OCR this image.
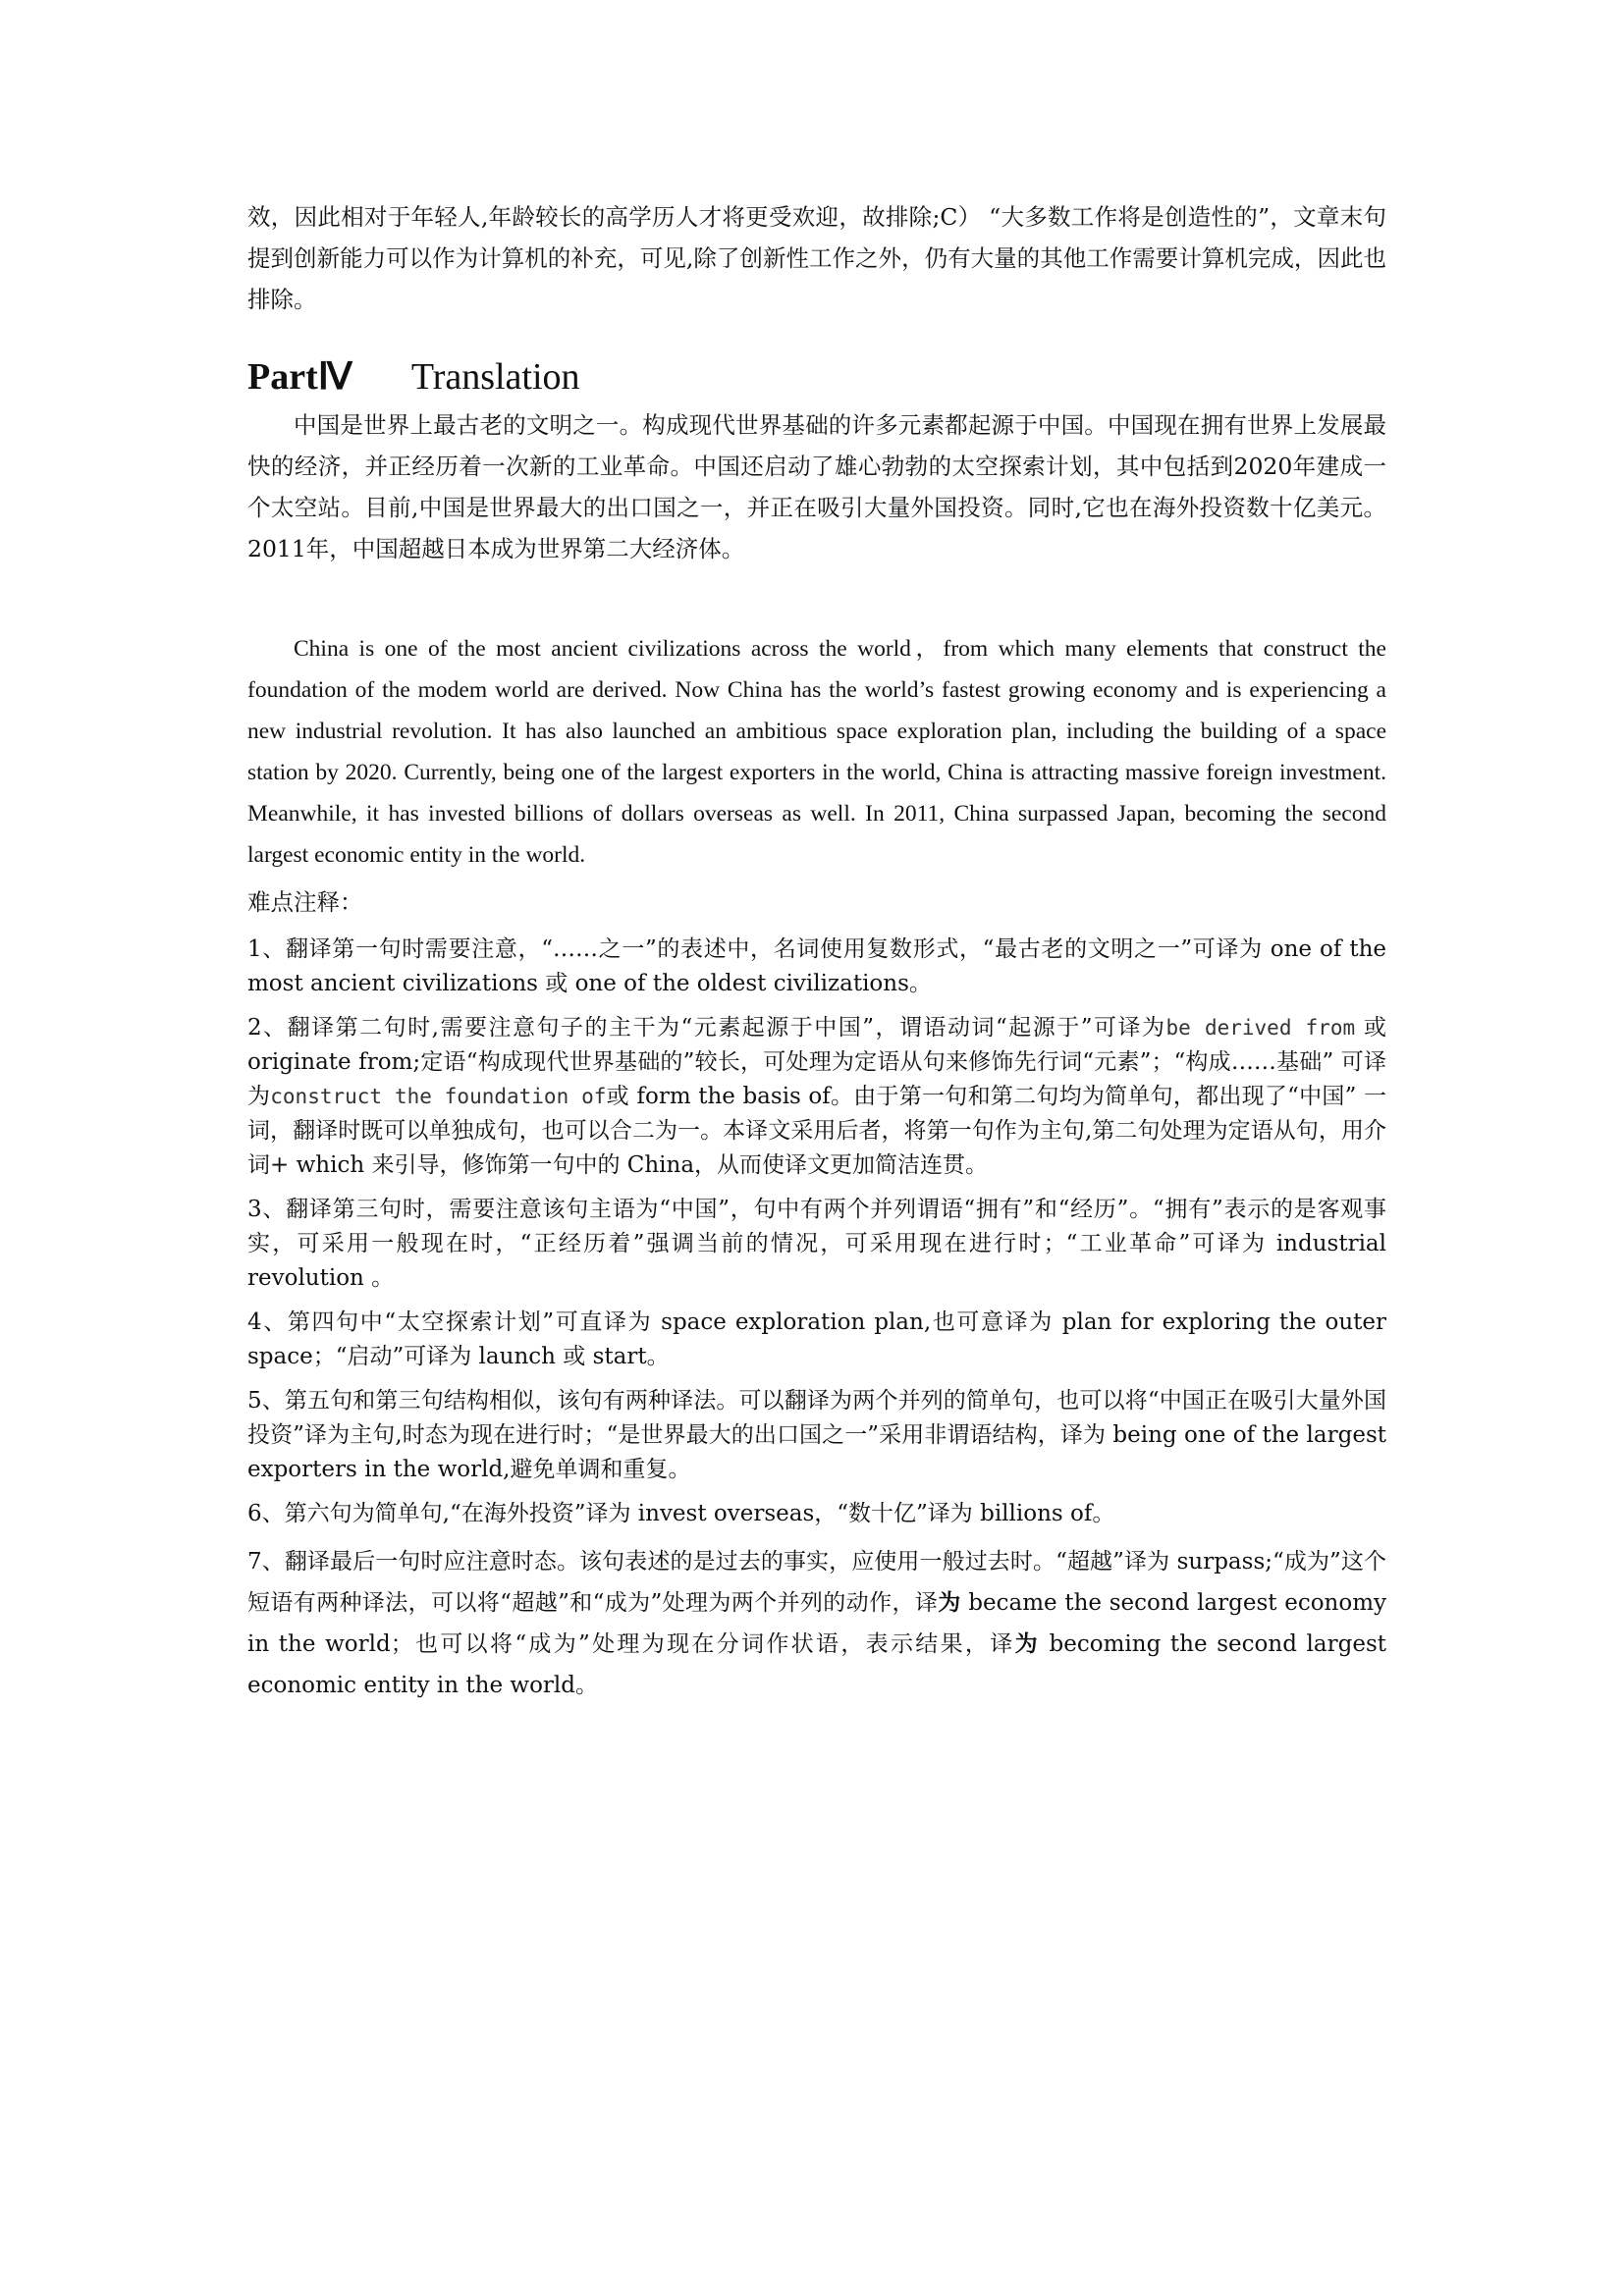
效，因此相对于年轻人,年龄较长的高学历人才将更受欢迎，故排除;C） “大多数工作将是创造性的”，文章末句提到创新能力可以作为计算机的补充，可见,除了创新性工作之外，仍有大量的其他工作需要计算机完成，因此也排除。

PartⅣ Translation

中国是世界上最古老的文明之一。构成现代世界基础的许多元素都起源于中国。中国现在拥有世界上发展最快的经济，并正经历着一次新的工业革命。中国还启动了雄心勃勃的太空探索计划，其中包括到2020年建成一个太空站。目前,中国是世界最大的出口国之一，并正在吸引大量外国投资。同时,它也在海外投资数十亿美元。2011年，中国超越日本成为世界第二大经济体。

China is one of the most ancient civilizations across the world，from which many elements that construct the foundation of the modem world are derived. Now China has the world’s fastest growing economy and is experiencing a new industrial revolution. It has also launched an ambitious space exploration plan, including the building of a space station by 2020. Currently, being one of the largest exporters in the world, China is attracting massive foreign investment. Meanwhile, it has invested billions of dollars overseas as well. In 2011, China surpassed Japan, becoming the second largest economic entity in the world.

难点注释：

1、翻译第一句时需要注意，“……之一”的表述中，名词使用复数形式，“最古老的文明之一”可译为 one of the most ancient civilizations 或 one of the oldest civilizations。

2、翻译第二句时,需要注意句子的主干为“元素起源于中国”，谓语动词“起源于”可译为be derived from 或 originate from;定语“构成现代世界基础的”较长，可处理为定语从句来修饰先行词“元素”；“构成……基础” 可译为construct the foundation of或 form the basis of。由于第一句和第二句均为简单句，都出现了“中国” 一词，翻译时既可以单独成句，也可以合二为一。本译文采用后者，将第一句作为主句,第二句处理为定语从句，用介词+ which 来引导，修饰第一句中的 China，从而使译文更加简洁连贯。

3、翻译第三句时，需要注意该句主语为“中国”，句中有两个并列谓语“拥有”和“经历”。“拥有”表示的是客观事实，可采用一般现在时，“正经历着”强调当前的情况，可采用现在进行时；“工业革命”可译为 industrial revolution 。

4、第四句中“太空探索计划”可直译为 space exploration plan,也可意译为 plan for exploring the outer space；“启动”可译为 launch 或 start。

5、第五句和第三句结构相似，该句有两种译法。可以翻译为两个并列的简单句，也可以将“中国正在吸引大量外国投资”译为主句,时态为现在进行时；“是世界最大的出口国之一”采用非谓语结构，译为 being one of the largest exporters in the world,避免单调和重复。

6、第六句为简单句,“在海外投资”译为 invest overseas，“数十亿”译为 billions of。

7、翻译最后一句时应注意时态。该句表述的是过去的事实，应使用一般过去时。“超越”译为 surpass;“成为”这个短语有两种译法，可以将“超越”和“成为”处理为两个并列的动作，译为 became the second largest economy in the world；也可以将“成为”处理为现在分词作状语，表示结果，译为 becoming the second largest economic entity in the world。
